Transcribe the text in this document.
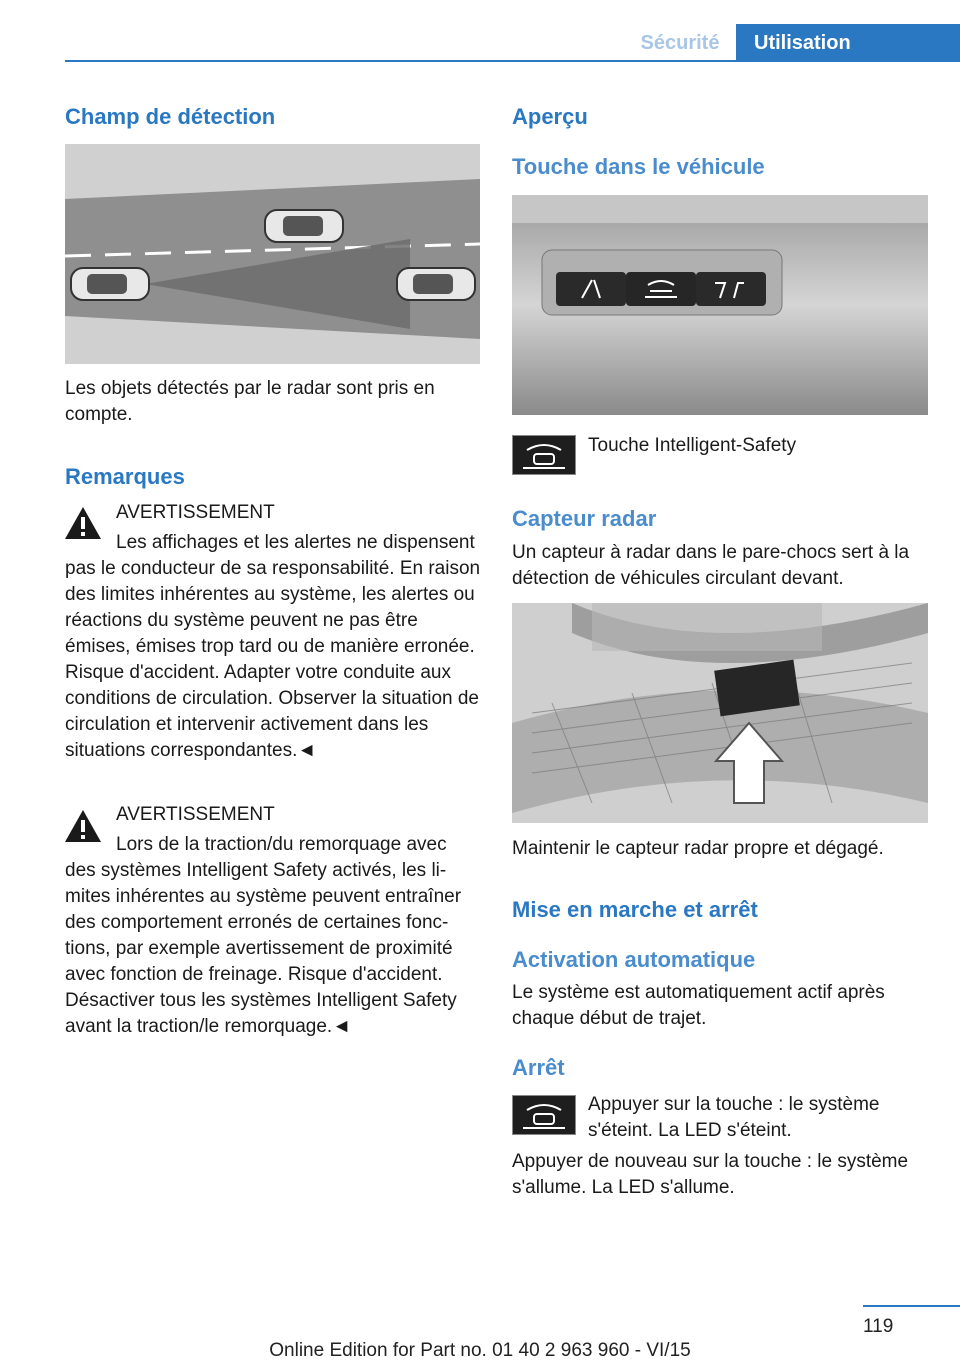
Sécurité	Utilisation
Champ de détection

Les objets détectés par le radar sont pris en compte.

Remarques

AVERTISSEMENT

Les affichages et les alertes ne dispensent pas le conducteur de sa responsabilité. En raison des limites inhérentes au système, les alertes ou réactions du système peuvent ne pas être émises, émises trop tard ou de manière erronée. Risque d'accident. Adapter votre conduite aux conditions de circulation. Observer la situation de circulation et intervenir activement dans les situations correspondantes.◄

AVERTISSEMENT

Lors de la traction/du remorquage avec des systèmes Intelligent Safety activés, les limites inhérentes au système peuvent entraîner des comportement erronés de certaines fonctions, par exemple avertissement de proximité avec fonction de freinage. Risque d'accident. Désactiver tous les systèmes Intelligent Safety avant la traction/le remorquage.◄

Aperçu
Touche dans le véhicule

Touche Intelligent-Safety

Capteur radar

Un capteur à radar dans le pare-chocs sert à la détection de véhicules circulant devant.

Maintenir le capteur radar propre et dégagé.

Mise en marche et arrêt
Activation automatique

Le système est automatiquement actif après chaque début de trajet.

Arrêt

Appuyer sur la touche : le système s'éteint. La LED s'éteint.

Appuyer de nouveau sur la touche : le système s'allume. La LED s'allume.

119
Online Edition for Part no. 01 40 2 963 960 - VI/15
